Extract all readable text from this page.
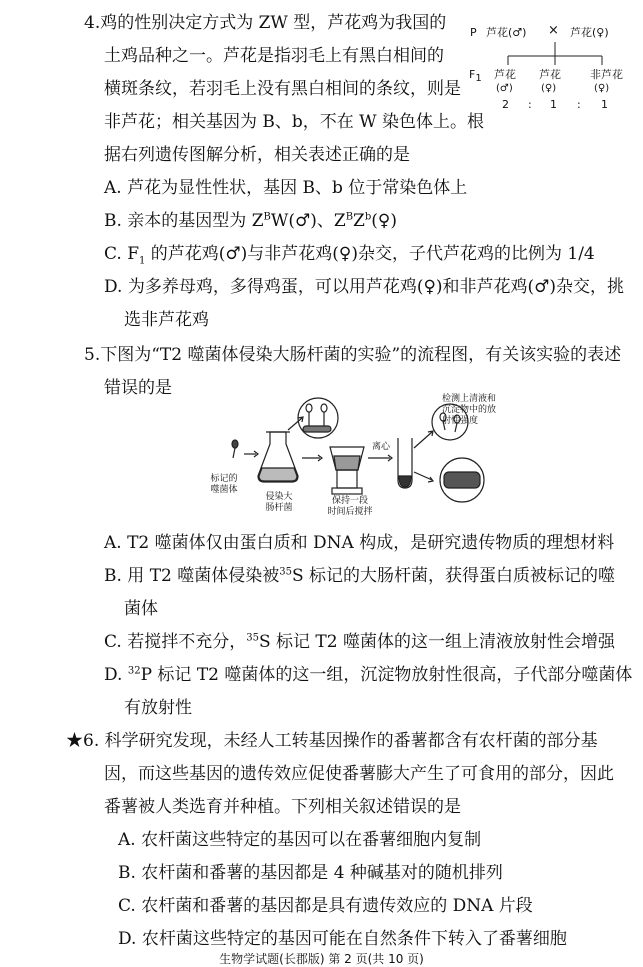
4.鸡的性别决定方式为 ZW 型，芦花鸡为我国的
土鸡品种之一。芦花是指羽毛上有黑白相间的
横斑条纹，若羽毛上没有黑白相间的条纹，则是
非芦花；相关基因为 B、b，不在 W 染色体上。根
据右列遗传图解分析，相关表述正确的是
A. 芦花为显性性状，基因 B、b 位于常染色体上
B. 亲本的基因型为 $Z^BW(♂)$、$Z^BZ^b(♀)$
C. $F_1$ 的芦花鸡(♂)与非芦花鸡(♀)杂交，子代芦花鸡的比例为 1/4
D. 为多养母鸡，多得鸡蛋，可以用芦花鸡(♀)和非芦花鸡(♂)杂交，挑
选非芦花鸡
P 芦花(♂) × 芦花(♀)
F1 芦花
(♂)
芦花
(♀)
非芦花
(♀)
2 : 1 : 1
5.下图为“T2 噬菌体侵染大肠杆菌的实验”的流程图，有关该实验的表述
错误的是
标记的
噬菌体
侵染大
肠杆菌
保持一段
时间后搅拌
离心
检测上清液和
沉淀物中的放
射性强度
A. T2 噬菌体仅由蛋白质和 DNA 构成，是研究遗传物质的理想材料
B. 用 T2 噬菌体侵染被$^{35}$S 标记的大肠杆菌，获得蛋白质被标记的噬
菌体
C. 若搅拌不充分，$^{35}$S 标记 T2 噬菌体的这一组上清液放射性会增强
D. $^{32}$P 标记 T2 噬菌体的这一组，沉淀物放射性很高，子代部分噬菌体
有放射性
★6. 科学研究发现，未经人工转基因操作的番薯都含有农杆菌的部分基
因，而这些基因的遗传效应促使番薯膨大产生了可食用的部分，因此
番薯被人类选育并种植。下列相关叙述错误的是
A. 农杆菌这些特定的基因可以在番薯细胞内复制
B. 农杆菌和番薯的基因都是 4 种碱基对的随机排列
C. 农杆菌和番薯的基因都是具有遗传效应的 DNA 片段
D. 农杆菌这些特定的基因可能在自然条件下转入了番薯细胞
生物学试题(长郡版) 第 2 页(共 10 页)
